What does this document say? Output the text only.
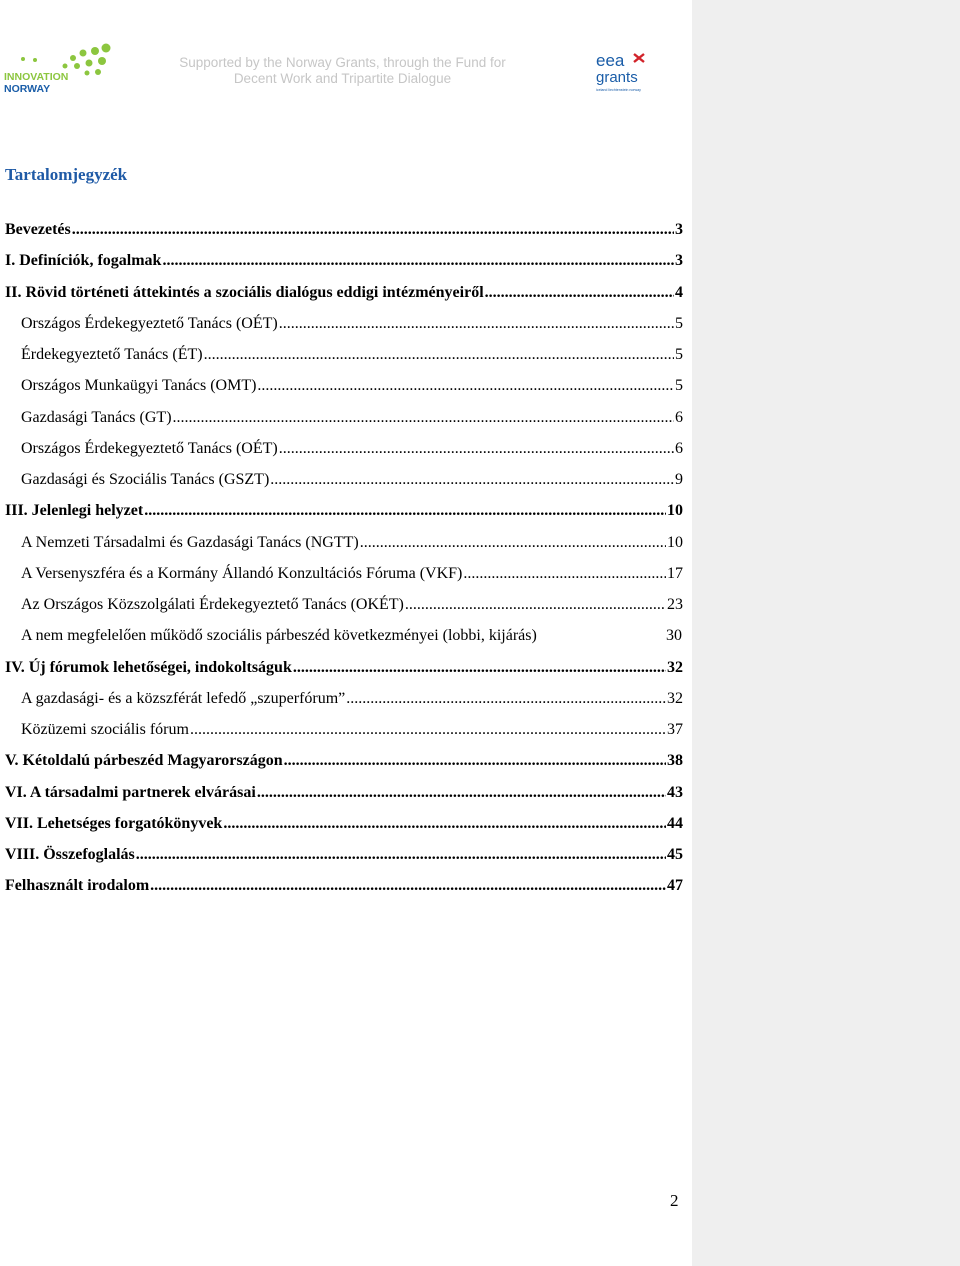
INNOVATION
NORWAY
Supported by the Norway Grants, through the Fund for
Decent Work and Tripartite Dialogue
eea
grants
iceland liechtenstein norway
Tartalomjegyzék
Bevezetés .....	3
I. Definíciók, fogalmak .....	3
II. Rövid történeti áttekintés a szociális dialógus eddigi intézményeiről .....	4
Országos Érdekegyeztető Tanács (OÉT) .....	5
Érdekegyeztető Tanács (ÉT) .....	5
Országos Munkaügyi Tanács (OMT) .....	5
Gazdasági Tanács (GT) .....	6
Országos Érdekegyeztető Tanács (OÉT) .....	6
Gazdasági és Szociális Tanács (GSZT) .....	9
III. Jelenlegi helyzet .....	10
A Nemzeti Társadalmi és Gazdasági Tanács (NGTT) .....	10
A Versenyszféra és a Kormány Állandó Konzultációs Fóruma (VKF) .....	17
Az Országos Közszolgálati Érdekegyeztető Tanács (OKÉT) .....	23
A nem megfelelően működő szociális párbeszéd következményei (lobbi, kijárás)	30
IV. Új fórumok lehetőségei, indokoltságuk .....	32
A gazdasági- és a közszférát lefedő „szuperfórum” .....	32
Közüzemi szociális fórum .....	37
V. Kétoldalú párbeszéd Magyarországon .....	38
VI. A társadalmi partnerek elvárásai .....	43
VII. Lehetséges forgatókönyvek .....	44
VIII. Összefoglalás .....	45
Felhasznált irodalom .....	47
2
